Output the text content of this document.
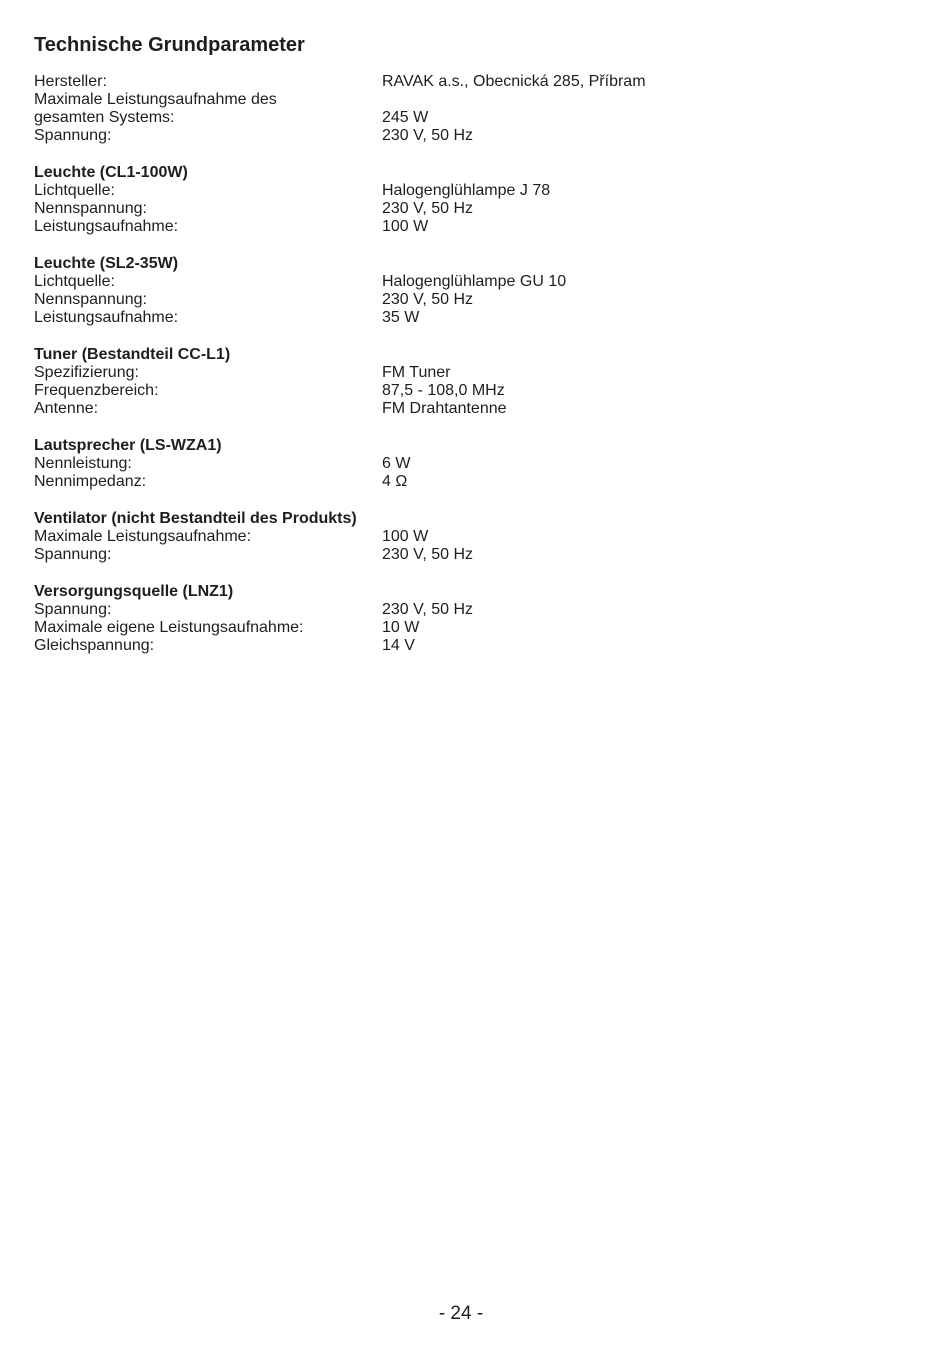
Technische Grundparameter
Hersteller:	RAVAK a.s., Obecnická 285, Příbram
Maximale Leistungsaufnahme des
gesamten Systems:	245 W
Spannung:	230 V, 50 Hz
Leuchte (CL1-100W)
Lichtquelle:	Halogenglühlampe J 78
Nennspannung:	230 V, 50 Hz
Leistungsaufnahme:	100 W
Leuchte (SL2-35W)
Lichtquelle:	Halogenglühlampe GU 10
Nennspannung:	230 V, 50 Hz
Leistungsaufnahme:	35 W
Tuner (Bestandteil CC-L1)
Spezifizierung:	FM Tuner
Frequenzbereich:	87,5 - 108,0 MHz
Antenne:	FM Drahtantenne
Lautsprecher (LS-WZA1)
Nennleistung:	6 W
Nennimpedanz:	4 Ω
Ventilator (nicht Bestandteil des Produkts)
Maximale Leistungsaufnahme:	100 W
Spannung:	230 V, 50 Hz
Versorgungsquelle (LNZ1)
Spannung:	230 V, 50 Hz
Maximale eigene Leistungsaufnahme:	10 W
Gleichspannung:	14 V
- 24 -
